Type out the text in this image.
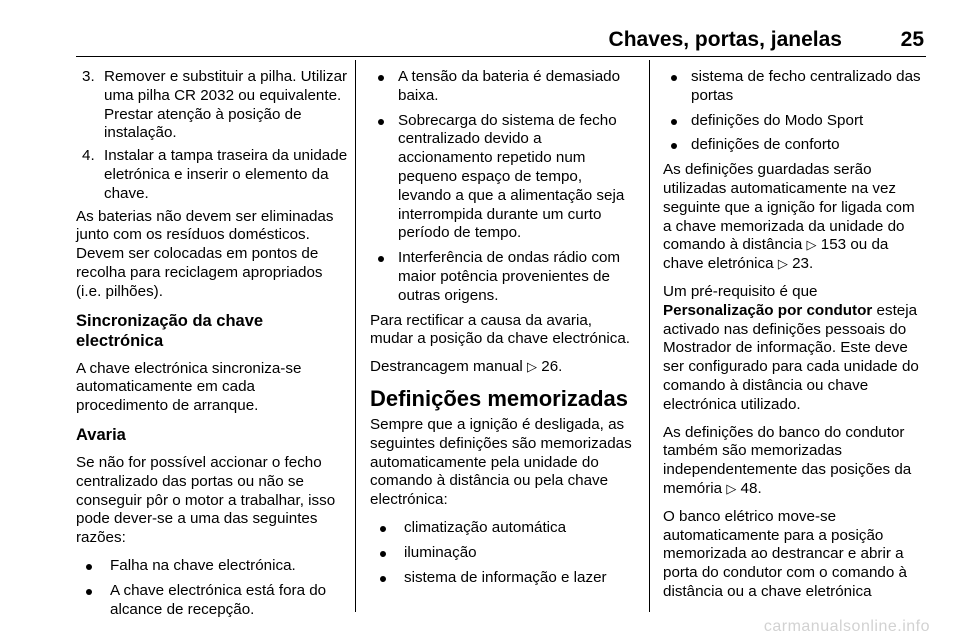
Chaves, portas, janelas	25
3. Remover e substituir a pilha. Utilizar uma pilha CR 2032 ou equivalente. Prestar atenção à posição de instalação.
4. Instalar a tampa traseira da unidade eletrónica e inserir o elemento da chave.

As baterias não devem ser eliminadas junto com os resíduos domésticos. Devem ser colocadas em pontos de recolha para reciclagem apropriados (i.e. pilhões).

Sincronização da chave electrónica

A chave electrónica sincroniza-se automaticamente em cada procedimento de arranque.

Avaria

Se não for possível accionar o fecho centralizado das portas ou não se conseguir pôr o motor a trabalhar, isso pode dever-se a uma das seguintes razões:

Falha na chave electrónica.
A chave electrónica está fora do alcance de recepção.
A tensão da bateria é demasiado baixa.
Sobrecarga do sistema de fecho centralizado devido a accionamento repetido num pequeno espaço de tempo, levando a que a alimentação seja interrompida durante um curto período de tempo.
Interferência de ondas rádio com maior potência provenientes de outras origens.

Para rectificar a causa da avaria, mudar a posição da chave electrónica.

Destrancagem manual ▷ 26.

Definições memorizadas

Sempre que a ignição é desligada, as seguintes definições são memorizadas automaticamente pela unidade do comando à distância ou pela chave electrónica:

climatização automática
iluminação
sistema de informação e lazer
sistema de fecho centralizado das portas
definições do Modo Sport
definições de conforto

As definições guardadas serão utilizadas automaticamente na vez seguinte que a ignição for ligada com a chave memorizada da unidade do comando à distância ▷ 153 ou da chave eletrónica ▷ 23.

Um pré-requisito é que Personalização por condutor esteja activado nas definições pessoais do Mostrador de informação. Este deve ser configurado para cada unidade do comando à distância ou chave electrónica utilizado.

As definições do banco do condutor também são memorizadas independentemente das posições da memória ▷ 48.

O banco elétrico move-se automaticamente para a posição memorizada ao destrancar e abrir a porta do condutor com o comando à distância ou a chave eletrónica

carmanualsonline.info
